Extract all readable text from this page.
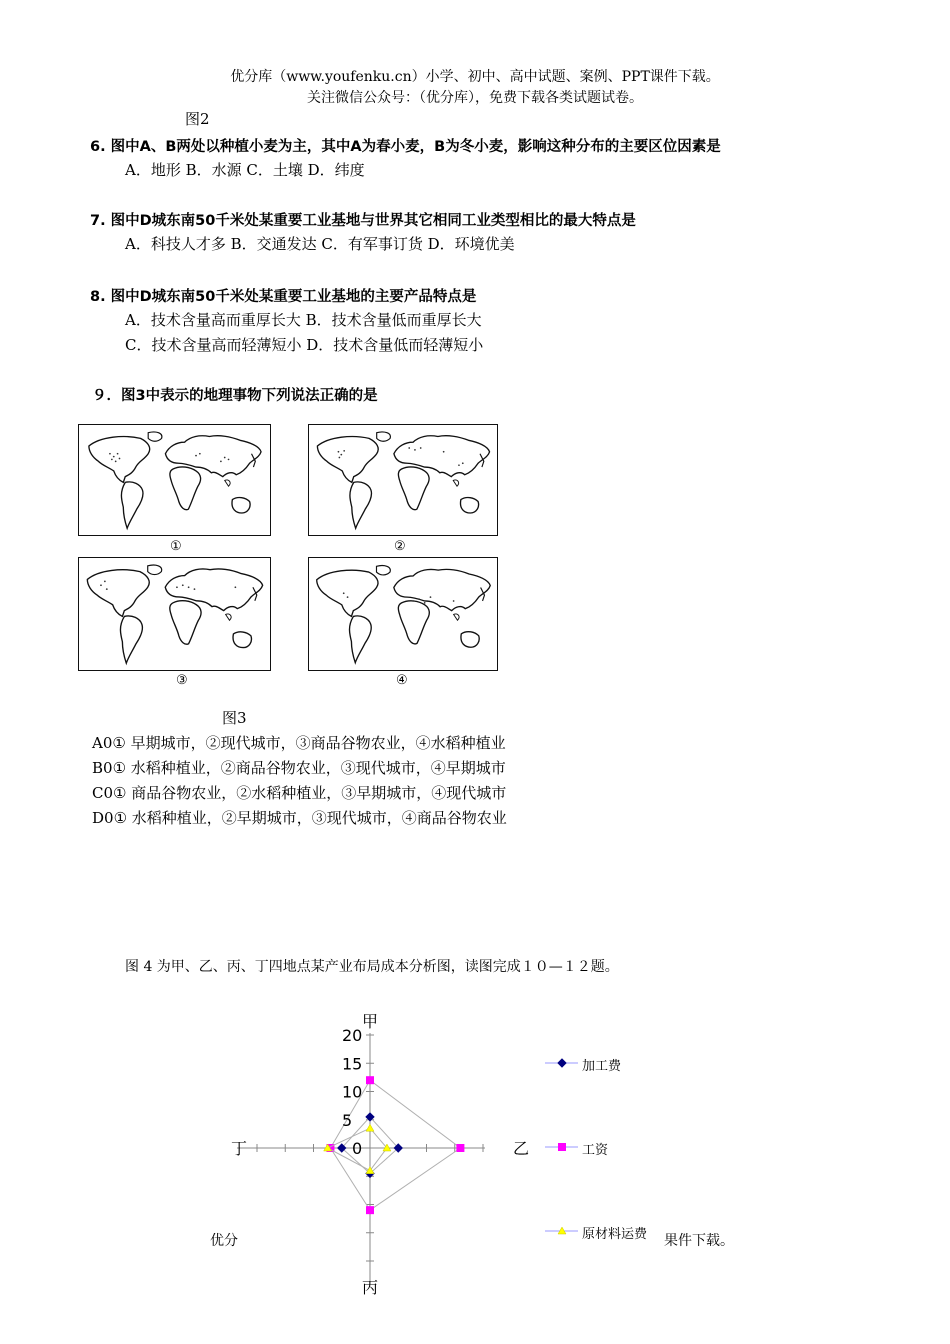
优分库（www.youfenku.cn）小学、初中、高中试题、案例、PPT课件下载。
关注微信公众号：（优分库），免费下载各类试题试卷。
图2
6. 图中A、B两处以种植小麦为主，其中A为春小麦，B为冬小麦，影响这种分布的主要区位因素是
A．地形 B．水源 C．土壤 D．纬度
7. 图中D城东南50千米处某重要工业基地与世界其它相同工业类型相比的最大特点是
A．科技人才多 B．交通发达 C．有军事订货 D．环境优美
8. 图中D城东南50千米处某重要工业基地的主要产品特点是
A．技术含量高而重厚长大 B．技术含量低而重厚长大
C．技术含量高而轻薄短小 D．技术含量低而轻薄短小
９．图3中表示的地理事物下列说法正确的是
①	②
③	④
图3
A0① 早期城市，②现代城市，③商品谷物农业，④水稻种植业
B0① 水稻种植业，②商品谷物农业，③现代城市，④早期城市
C0① 商品谷物农业，②水稻种植业，③早期城市，④现代城市
D0① 水稻种植业，②早期城市，③现代城市，④商品谷物农业
图 4 为甲、乙、丙、丁四地点某产业布局成本分析图，读图完成１０—１２题。
0
5
10
15
20
甲
乙
丙
丁
加工费
工资
原材料运费
优分	果件下载。
